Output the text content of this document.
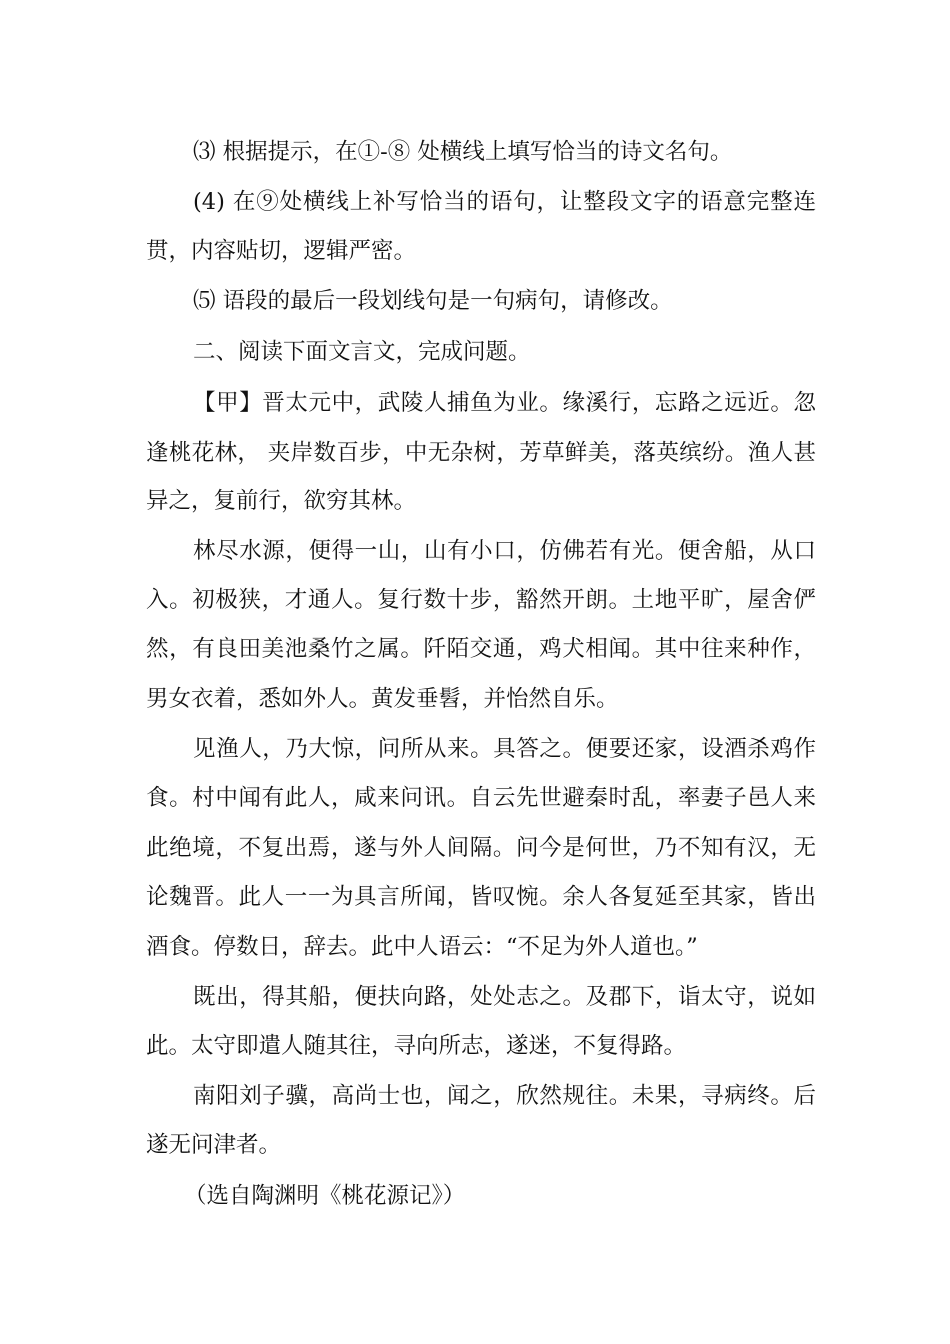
⑶ 根据提示，在①-⑧ 处横线上填写恰当的诗文名句。
(4) 在⑨处横线上补写恰当的语句，让整段文字的语意完整连
贯，内容贴切，逻辑严密。
⑸ 语段的最后一段划线句是一句病句，请修改。
二、阅读下面文言文，完成问题。
【甲】晋太元中，武陵人捕鱼为业。缘溪行，忘路之远近。忽
逢桃花林， 夹岸数百步，中无杂树，芳草鲜美，落英缤纷。渔人甚
异之，复前行，欲穷其林。
林尽水源，便得一山，山有小口，仿佛若有光。便舍船，从口
入。初极狭，才通人。复行数十步，豁然开朗。土地平旷，屋舍俨
然，有良田美池桑竹之属。阡陌交通，鸡犬相闻。其中往来种作，
男女衣着，悉如外人。黄发垂髫，并怡然自乐。
见渔人，乃大惊，问所从来。具答之。便要还家，设酒杀鸡作
食。村中闻有此人，咸来问讯。自云先世避秦时乱，率妻子邑人来
此绝境，不复出焉，遂与外人间隔。问今是何世，乃不知有汉，无
论魏晋。此人一一为具言所闻，皆叹惋。余人各复延至其家，皆出
酒食。停数日，辞去。此中人语云：“不足为外人道也。”
既出，得其船，便扶向路，处处志之。及郡下，诣太守，说如
此。太守即遣人随其往，寻向所志，遂迷，不复得路。
南阳刘子骥，高尚士也，闻之，欣然规往。未果，寻病终。后
遂无问津者。
（选自陶渊明《桃花源记》）
